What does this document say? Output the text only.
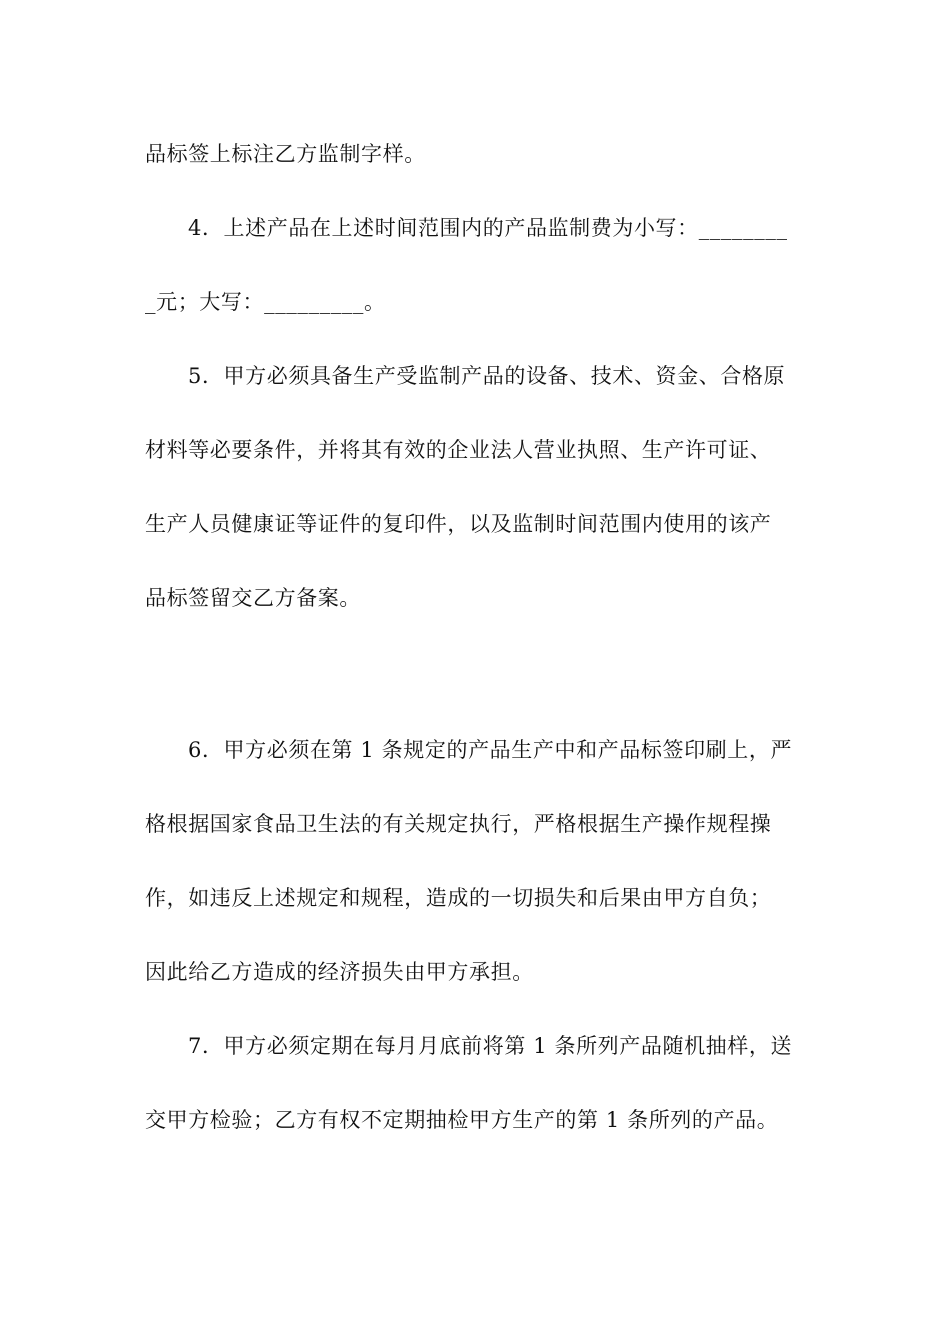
品标签上标注乙方监制字样。
4．上述产品在上述时间范围内的产品监制费为小写：________
_元；大写：_________。
5．甲方必须具备生产受监制产品的设备、技术、资金、合格原
材料等必要条件，并将其有效的企业法人营业执照、生产许可证、
生产人员健康证等证件的复印件，以及监制时间范围内使用的该产
品标签留交乙方备案。
6．甲方必须在第 1 条规定的产品生产中和产品标签印刷上，严
格根据国家食品卫生法的有关规定执行，严格根据生产操作规程操
作，如违反上述规定和规程，造成的一切损失和后果由甲方自负；
因此给乙方造成的经济损失由甲方承担。
7．甲方必须定期在每月月底前将第 1 条所列产品随机抽样，送
交甲方检验；乙方有权不定期抽检甲方生产的第 1 条所列的产品。
